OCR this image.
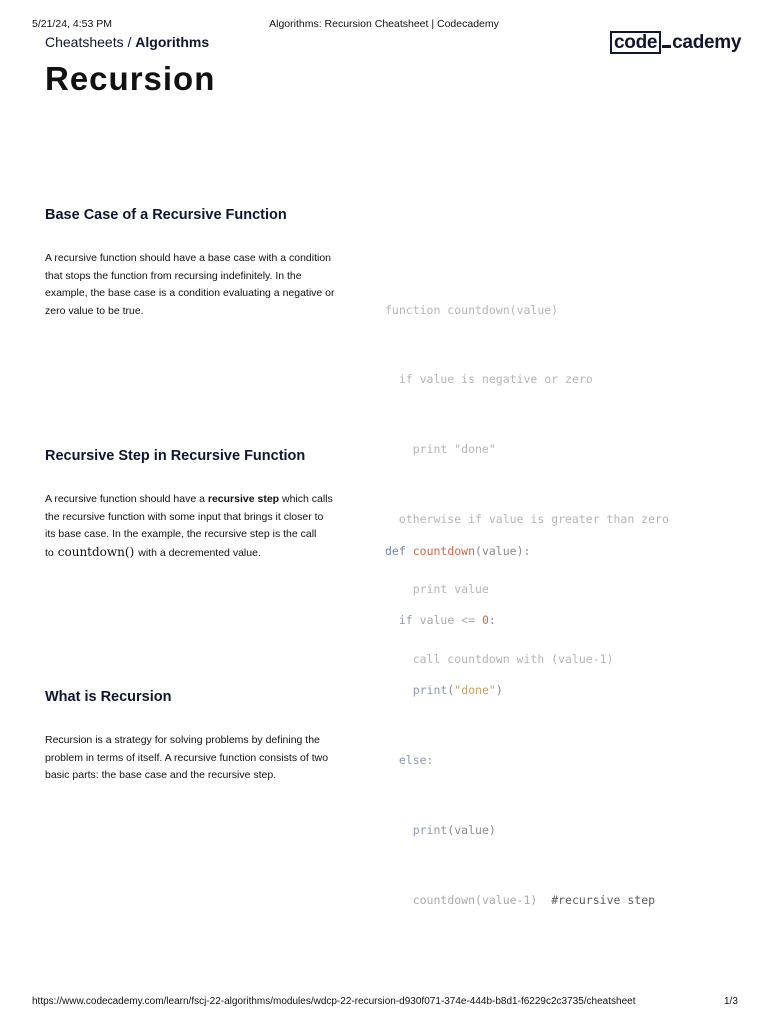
5/21/24, 4:53 PM	Algorithms: Recursion Cheatsheet | Codecademy
Cheatsheets / Algorithms	code cademy
Recursion
Base Case of a Recursive Function
A recursive function should have a base case with a condition that stops the function from recursing indefinitely. In the example, the base case is a condition evaluating a negative or zero value to be true.

	function countdown(value)

if value is negative or zero

print "done"

otherwise if value is greater than zero

print value

call countdown with (value-1)

Recursive Step in Recursive Function
A recursive function should have a recursive step which calls the recursive function with some input that brings it closer to its base case. In the example, the recursive step is the call to countdown() with a decremented value.

	def countdown(value):

if value <= 0:

print("done")

else:

print(value)

countdown(value-1) #recursive step

What is Recursion
Recursion is a strategy for solving problems by defining the problem in terms of itself. A recursive function consists of two basic parts: the base case and the recursive step.
https://www.codecademy.com/learn/fscj-22-algorithms/modules/wdcp-22-recursion-d930f071-374e-444b-b8d1-f6229c2c3735/cheatsheet	1/3
